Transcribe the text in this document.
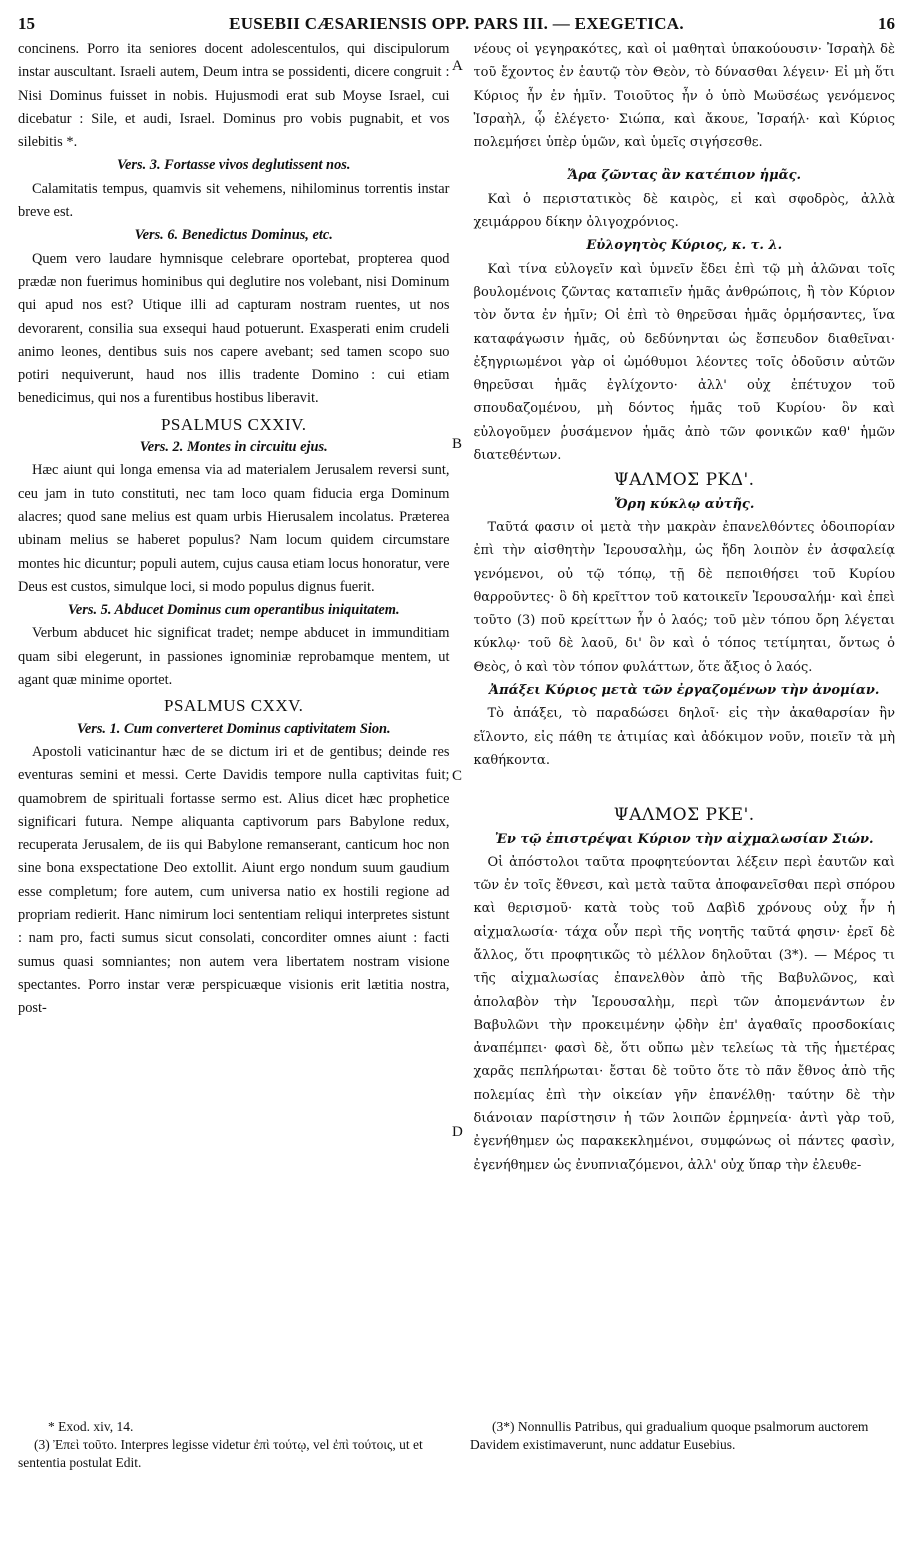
15	EUSEBII CÆSARIENSIS OPP. PARS III. — EXEGETICA.	16
A
B
C
D

concinens. Porro ita seniores docent adolescentulos, qui discipulorum instar auscultant. Israeli autem, Deum intra se possidenti, dicere congruit : Nisi Dominus fuisset in nobis. Hujusmodi erat sub Moyse Israel, cui dicebatur : Sile, et audi, Israel. Dominus pro vobis pugnabit, et vos silebitis *.

Vers. 3. Fortasse vivos deglutissent nos.

Calamitatis tempus, quamvis sit vehemens, nihilominus torrentis instar breve est.

Vers. 6. Benedictus Dominus, etc.

Quem vero laudare hymnisque celebrare oportebat, propterea quod prædæ non fuerimus hominibus qui deglutire nos volebant, nisi Dominum qui apud nos est? Utique illi ad capturam nostram ruentes, ut nos devorarent, consilia sua exsequi haud potuerunt. Exasperati enim crudeli animo leones, dentibus suis nos capere avebant; sed tamen scopo suo potiri nequiverunt, haud nos illis tradente Domino : cui etiam benedicimus, qui nos a furentibus hostibus liberavit.

PSALMUS CXXIV.

Vers. 2. Montes in circuitu ejus.

Hæc aiunt qui longa emensa via ad materialem Jerusalem reversi sunt, ceu jam in tuto constituti, nec tam loco quam fiducia erga Dominum alacres; quod sane melius est quam urbis Hierusalem incolatus. Præterea ubinam melius se haberet populus? Nam locum quidem circumstare montes hic dicuntur; populi autem, cujus causa etiam locus honoratur, vere Deus est custos, simulque loci, si modo populus dignus fuerit.

Vers. 5. Abducet Dominus cum operantibus iniquitatem.

Verbum abducet hic significat tradet; nempe abducet in immunditiam quam sibi elegerunt, in passiones ignominiæ reprobamque mentem, ut agant quæ minime oportet.

PSALMUS CXXV.

Vers. 1. Cum converteret Dominus captivitatem Sion.

Apostoli vaticinantur hæc de se dictum iri et de gentibus; deinde res eventuras semini et messi. Certe Davidis tempore nulla captivitas fuit; quamobrem de spirituali fortasse sermo est. Alius dicet hæc prophetice significari futura. Nempe aliquanta captivorum pars Babylone redux, recuperata Jerusalem, de iis qui Babylone remanserant, canticum hoc non sine bona exspectatione Deo extollit. Aiunt ergo nondum suum gaudium esse completum; fore autem, cum universa natio ex hostili regione ad propriam redierit. Hanc nimirum loci sententiam reliqui interpretes sistunt : nam pro, facti sumus sicut consolati, concorditer omnes aiunt : facti sumus quasi somniantes; non autem vera libertatem nostram visione spectantes. Porro instar veræ perspicuæque visionis erit lætitia nostra, post-

νέους οἱ γεγηρακότες, καὶ οἱ μαθηταὶ ὑπακούουσιν· Ἰσραὴλ δὲ τοῦ ἔχοντος ἐν ἑαυτῷ τὸν Θεὸν, τὸ δύνασθαι λέγειν· Εἰ μὴ ὅτι Κύριος ἦν ἐν ἡμῖν. Τοιοῦτος ἦν ὁ ὑπὸ Μωϋσέως γενόμενος Ἰσραὴλ, ᾧ ἐλέγετο· Σιώπα, καὶ ἄκουε, Ἰσραήλ· καὶ Κύριος πολεμήσει ὑπὲρ ὑμῶν, καὶ ὑμεῖς σιγήσεσθε.

Ἄρα ζῶντας ἂν κατέπιον ἡμᾶς.

Καὶ ὁ περιστατικὸς δὲ καιρὸς, εἰ καὶ σφοδρὸς, ἀλλὰ χειμάρρου δίκην ὀλιγοχρόνιος.

Εὐλογητὸς Κύριος, κ. τ. λ.

Καὶ τίνα εὐλογεῖν καὶ ὑμνεῖν ἔδει ἐπὶ τῷ μὴ ἁλῶναι τοῖς βουλομένοις ζῶντας καταπιεῖν ἡμᾶς ἀνθρώποις, ἢ τὸν Κύριον τὸν ὄντα ἐν ἡμῖν; Οἱ ἐπὶ τὸ θηρεῦσαι ἡμᾶς ὁρμήσαντες, ἵνα καταφάγωσιν ἡμᾶς, οὐ δεδύνηνται ὡς ἔσπευδον διαθεῖναι· ἐξηγριωμένοι γὰρ οἱ ὠμόθυμοι λέοντες τοῖς ὀδοῦσιν αὐτῶν θηρεῦσαι ἡμᾶς ἐγλίχοντο· ἀλλ' οὐχ ἐπέτυχον τοῦ σπουδαζομένου, μὴ δόντος ἡμᾶς τοῦ Κυρίου· ὃν καὶ εὐλογοῦμεν ῥυσάμενον ἡμᾶς ἀπὸ τῶν φονικῶν καθ' ἡμῶν διατεθέντων.

ΨΑΛΜΟΣ ΡΚΔ'.

Ὄρη κύκλῳ αὐτῆς.

Ταῦτά φασιν οἱ μετὰ τὴν μακρὰν ἐπανελθόντες ὁδοιπορίαν ἐπὶ τὴν αἰσθητὴν Ἱερουσαλὴμ, ὡς ἤδη λοιπὸν ἐν ἀσφαλείᾳ γενόμενοι, οὐ τῷ τόπῳ, τῇ δὲ πεποιθήσει τοῦ Κυρίου θαρροῦντες· ὃ δὴ κρεῖττον τοῦ κατοικεῖν Ἱερουσαλήμ· καὶ ἐπεὶ τοῦτο (3) ποῦ κρείττων ἦν ὁ λαός; τοῦ μὲν τόπου ὄρη λέγεται κύκλῳ· τοῦ δὲ λαοῦ, δι' ὃν καὶ ὁ τόπος τετίμηται, ὄντως ὁ Θεὸς, ὁ καὶ τὸν τόπον φυλάττων, ὅτε ἄξιος ὁ λαός.

Ἀπάξει Κύριος μετὰ τῶν ἐργαζομένων τὴν ἀνομίαν.

Τὸ ἀπάξει, τὸ παραδώσει δηλοῖ· εἰς τὴν ἀκαθαρσίαν ἣν εἵλοντο, εἰς πάθη τε ἀτιμίας καὶ ἀδόκιμον νοῦν, ποιεῖν τὰ μὴ καθήκοντα.

ΨΑΛΜΟΣ ΡΚΕ'.

Ἐν τῷ ἐπιστρέψαι Κύριον τὴν αἰχμαλωσίαν Σιών.

Οἱ ἀπόστολοι ταῦτα προφητεύονται λέξειν περὶ ἑαυτῶν καὶ τῶν ἐν τοῖς ἔθνεσι, καὶ μετὰ ταῦτα ἀποφανεῖσθαι περὶ σπόρου καὶ θερισμοῦ· κατὰ τοὺς τοῦ Δαβὶδ χρόνους οὐχ ἦν ἡ αἰχμαλωσία· τάχα οὖν περὶ τῆς νοητῆς ταῦτά φησιν· ἐρεῖ δὲ ἄλλος, ὅτι προφητικῶς τὸ μέλλον δηλοῦται (3*). — Μέρος τι τῆς αἰχμαλωσίας ἐπανελθὸν ἀπὸ τῆς Βαβυλῶνος, καὶ ἀπολαβὸν τὴν Ἱερουσαλὴμ, περὶ τῶν ἀπομενάντων ἐν Βαβυλῶνι τὴν προκειμένην ᾠδὴν ἐπ' ἀγαθαῖς προσδοκίαις ἀναπέμπει· φασὶ δὲ, ὅτι οὔπω μὲν τελείως τὰ τῆς ἡμετέρας χαρᾶς πεπλήρωται· ἔσται δὲ τοῦτο ὅτε τὸ πᾶν ἔθνος ἀπὸ τῆς πολεμίας ἐπὶ τὴν οἰκείαν γῆν ἐπανέλθῃ· ταύτην δὲ τὴν διάνοιαν παρίστησιν ἡ τῶν λοιπῶν ἑρμηνεία· ἀντὶ γὰρ τοῦ, ἐγενήθημεν ὡς παρακεκλημένοι, συμφώνως οἱ πάντες φασὶν, ἐγενήθημεν ὡς ἐνυπνιαζόμενοι, ἀλλ' οὐχ ὕπαρ τὴν ἐλευθε-

* Exod. xiv, 14.
(3) Ἐπεὶ τοῦτο. Interpres legisse videtur ἐπὶ τούτῳ, vel ἐπὶ τούτοις, ut et sententia postulat Edit.
(3*) Nonnullis Patribus, qui gradualium quoque psalmorum auctorem Davidem existimaverunt, nunc addatur Eusebius.
